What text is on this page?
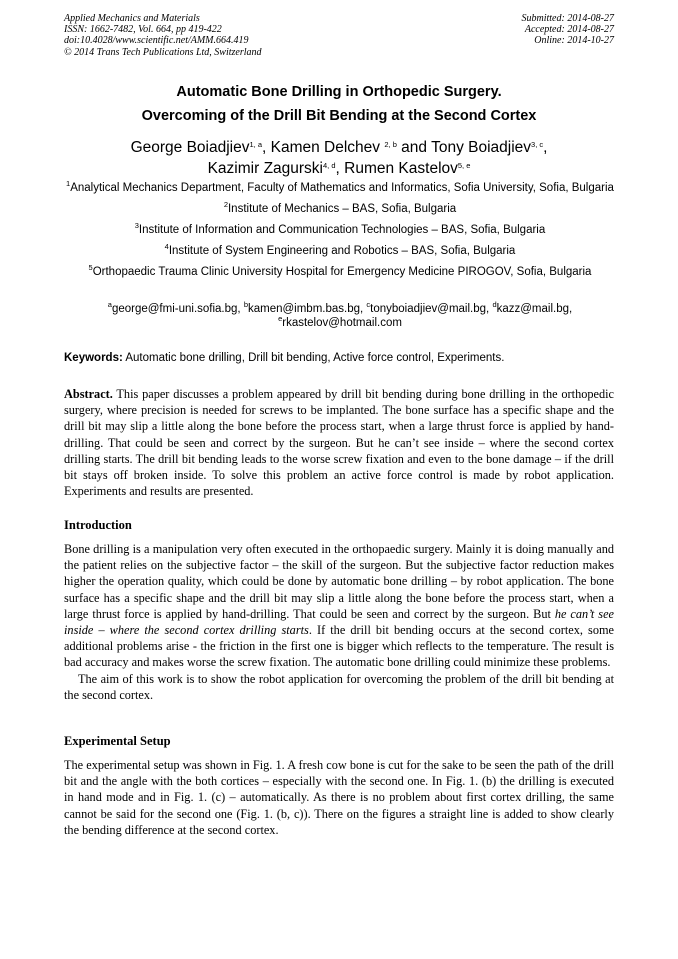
Applied Mechanics and Materials
ISSN: 1662-7482, Vol. 664, pp 419-422
doi:10.4028/www.scientific.net/AMM.664.419
© 2014 Trans Tech Publications Ltd, Switzerland
Submitted: 2014-08-27
Accepted: 2014-08-27
Online: 2014-10-27
Automatic Bone Drilling in Orthopedic Surgery.
Overcoming of the Drill Bit Bending at the Second Cortex
George Boiadjiev$^{1, a}$, Kamen Delchev $^{2, b}$ and Tony Boiadjiev$^{3, c}$,
Kazimir Zagurski$^{4, d}$, Rumen Kastelov$^{5, e}$
$^1$Analytical Mechanics Department, Faculty of Mathematics and Informatics, Sofia University, Sofia, Bulgaria
$^2$Institute of Mechanics – BAS, Sofia, Bulgaria
$^3$Institute of Information and Communication Technologies – BAS, Sofia, Bulgaria
$^4$Institute of System Engineering and Robotics – BAS, Sofia, Bulgaria
$^5$Orthopaedic Trauma Clinic University Hospital for Emergency Medicine PIROGOV, Sofia, Bulgaria
$^a$george@fmi-uni.sofia.bg, $^b$kamen@imbm.bas.bg, $^c$tonyboiadjiev@mail.bg, $^d$kazz@mail.bg,
$^e$rkastelov@hotmail.com
Keywords: Automatic bone drilling, Drill bit bending, Active force control, Experiments.

Abstract. This paper discusses a problem appeared by drill bit bending during bone drilling in the orthopedic surgery, where precision is needed for screws to be implanted. The bone surface has a specific shape and the drill bit may slip a little along the bone before the process start, when a large thrust force is applied by hand-drilling. That could be seen and correct by the surgeon. But he can’t see inside – where the second cortex drilling starts. The drill bit bending leads to the worse screw fixation and even to the bone damage – if the drill bit stays off broken inside. To solve this problem an active force control is made by robot application. Experiments and results are presented.

Introduction

Bone drilling is a manipulation very often executed in the orthopaedic surgery. Mainly it is doing manually and the patient relies on the subjective factor – the skill of the surgeon. But the subjective factor reduction makes higher the operation quality, which could be done by automatic bone drilling – by robot application. The bone surface has a specific shape and the drill bit may slip a little along the bone before the process start, when a large thrust force is applied by hand-drilling. That could be seen and correct by the surgeon. But he can’t see inside – where the second cortex drilling starts. If the drill bit bending occurs at the second cortex, some additional problems arise - the friction in the first one is bigger which reflects to the temperature. The result is bad accuracy and makes worse the screw fixation. The automatic bone drilling could minimize these problems.

The aim of this work is to show the robot application for overcoming the problem of the drill bit bending at the second cortex.

Experimental Setup

The experimental setup was shown in Fig. 1. A fresh cow bone is cut for the sake to be seen the path of the drill bit and the angle with the both cortices – especially with the second one. In Fig. 1. (b) the drilling is executed in hand mode and in Fig. 1. (c) – automatically. As there is no problem about first cortex drilling, the same cannot be said for the second one (Fig. 1. (b, c)). There on the figures a straight line is added to show clearly the bending difference at the second cortex.
